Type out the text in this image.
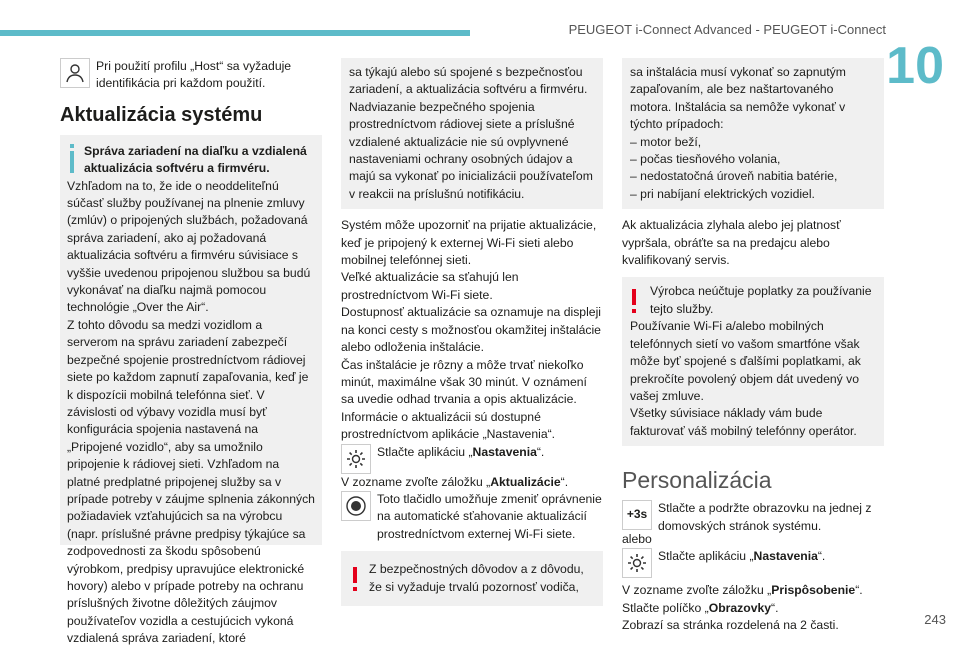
PEUGEOT i-Connect Advanced - PEUGEOT i-Connect
10
243

Pri použití profilu „Host“ sa vyžaduje identifikácia pri každom použití.

Aktualizácia systému

Správa zariadení na diaľku a vzdialená aktualizácia softvéru a firmvéru.

Vzhľadom na to, že ide o neoddeliteľnú súčasť služby používanej na plnenie zmluvy (zmlúv) o pripojených službách, požadovaná správa zariadení, ako aj požadovaná aktualizácia softvéru a firmvéru súvisiace s vyššie uvedenou pripojenou službou sa budú vykonávať na diaľku najmä pomocou technológie „Over the Air“.

Z tohto dôvodu sa medzi vozidlom a serverom na správu zariadení zabezpečí bezpečné spojenie prostredníctvom rádiovej siete po každom zapnutí zapaľovania, keď je k dispozícii mobilná telefónna sieť. V závislosti od výbavy vozidla musí byť konfigurácia spojenia nastavená na „Pripojené vozidlo“, aby sa umožnilo pripojenie k rádiovej sieti. Vzhľadom na platné predplatné pripojenej služby sa v prípade potreby v záujme splnenia zákonných požiadaviek vzťahujúcich sa na výrobcu (napr. príslušné právne predpisy týkajúce sa zodpovednosti za škodu spôsobenú výrobkom, predpisy upravujúce elektronické hovory) alebo v prípade potreby na ochranu príslušných životne dôležitých záujmov používateľov vozidla a cestujúcich vykoná vzdialená správa zariadení, ktoré

sa týkajú alebo sú spojené s bezpečnosťou zariadení, a aktualizácia softvéru a firmvéru. Nadviazanie bezpečného spojenia prostredníctvom rádiovej siete a príslušné vzdialené aktualizácie nie sú ovplyvnené nastaveniami ochrany osobných údajov a majú sa vykonať po inicializácii používateľom v reakcii na príslušnú notifikáciu.

Systém môže upozorniť na prijatie aktualizácie, keď je pripojený k externej Wi-Fi sieti alebo mobilnej telefónnej sieti.

Veľké aktualizácie sa sťahujú len prostredníctvom Wi-Fi siete.

Dostupnosť aktualizácie sa oznamuje na displeji na konci cesty s možnosťou okamžitej inštalácie alebo odloženia inštalácie.

Čas inštalácie je rôzny a môže trvať niekoľko minút, maximálne však 30 minút. V oznámení sa uvedie odhad trvania a opis aktualizácie.

Informácie o aktualizácii sú dostupné prostredníctvom aplikácie „Nastavenia“.

Stlačte aplikáciu „Nastavenia“.

V zozname zvoľte záložku „Aktualizácie“.

Toto tlačidlo umožňuje zmeniť oprávnenie na automatické sťahovanie aktualizácií prostredníctvom externej Wi-Fi siete.

Z bezpečnostných dôvodov a z dôvodu, že si vyžaduje trvalú pozornosť vodiča,

sa inštalácia musí vykonať so zapnutým zapaľovaním, ale bez naštartovaného motora. Inštalácia sa nemôže vykonať v týchto prípadoch:

– motor beží,
– počas tiesňového volania,
– nedostatočná úroveň nabitia batérie,
– pri nabíjaní elektrických vozidiel.

Ak aktualizácia zlyhala alebo jej platnosť vypršala, obráťte sa na predajcu alebo kvalifikovaný servis.

Výrobca neúčtuje poplatky za používanie tejto služby.

Používanie Wi-Fi a/alebo mobilných telefónnych sietí vo vašom smartfóne však môže byť spojené s ďalšími poplatkami, ak prekročíte povolený objem dát uvedený vo vašej zmluve.

Všetky súvisiace náklady vám bude fakturovať váš mobilný telefónny operátor.

Personalizácia
+3s Stlačte a podržte obrazovku na jednej z domovských stránok systému.

alebo

Stlačte aplikáciu „Nastavenia“.

V zozname zvoľte záložku „Prispôsobenie“.

Stlačte políčko „Obrazovky“.

Zobrazí sa stránka rozdelená na 2 časti.
